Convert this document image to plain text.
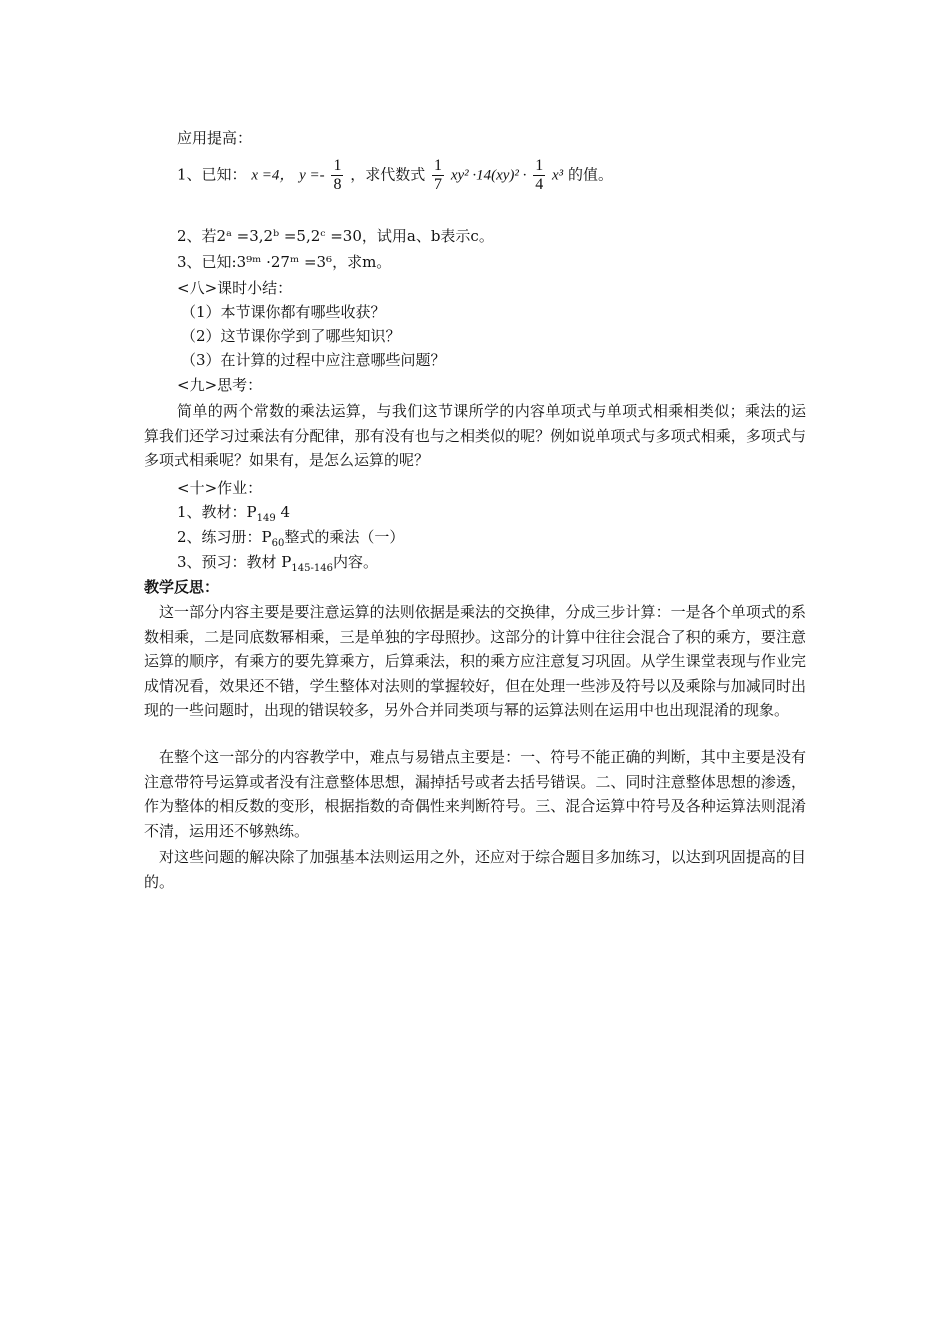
应用提高：
1、已知： x =4， $y =- \frac{1}{8}$ ，求代数式 $\frac{1}{7} xy^2 \cdot 14(xy)^2 \cdot \frac{1}{4} x^3$ 的值。
2、若2ᵃ =3,2ᵇ =5,2ᶜ =30，试用a、b表示c。
3、已知:3⁹ᵐ ·27ᵐ =3⁶，求m。
<八>课时小结：
（1）本节课你都有哪些收获？
（2）这节课你学到了哪些知识？
（3）在计算的过程中应注意哪些问题？
<九>思考：
简单的两个常数的乘法运算，与我们这节课所学的内容单项式与单项式相乘相类似；乘法的运算我们还学习过乘法有分配律，那有没有也与之相类似的呢？例如说单项式与多项式相乘，多项式与多项式相乘呢？如果有，是怎么运算的呢？
<十>作业：
1、教材：$P_{149}$ 4
2、练习册：$P_{60}$整式的乘法（一）
3、预习：教材 $P_{145-146}$内容。
教学反思：
这一部分内容主要是要注意运算的法则依据是乘法的交换律，分成三步计算：一是各个单项式的系数相乘，二是同底数幂相乘，三是单独的字母照抄。这部分的计算中往往会混合了积的乘方，要注意运算的顺序，有乘方的要先算乘方，后算乘法，积的乘方应注意复习巩固。从学生课堂表现与作业完成情况看，效果还不错，学生整体对法则的掌握较好，但在处理一些涉及符号以及乘除与加减同时出现的一些问题时，出现的错误较多，另外合并同类项与幂的运算法则在运用中也出现混淆的现象。
在整个这一部分的内容教学中，难点与易错点主要是：一、符号不能正确的判断，其中主要是没有注意带符号运算或者没有注意整体思想，漏掉括号或者去括号错误。二、同时注意整体思想的渗透，作为整体的相反数的变形，根据指数的奇偶性来判断符号。三、混合运算中符号及各种运算法则混淆不清，运用还不够熟练。
对这些问题的解决除了加强基本法则运用之外，还应对于综合题目多加练习，以达到巩固提高的目的。
